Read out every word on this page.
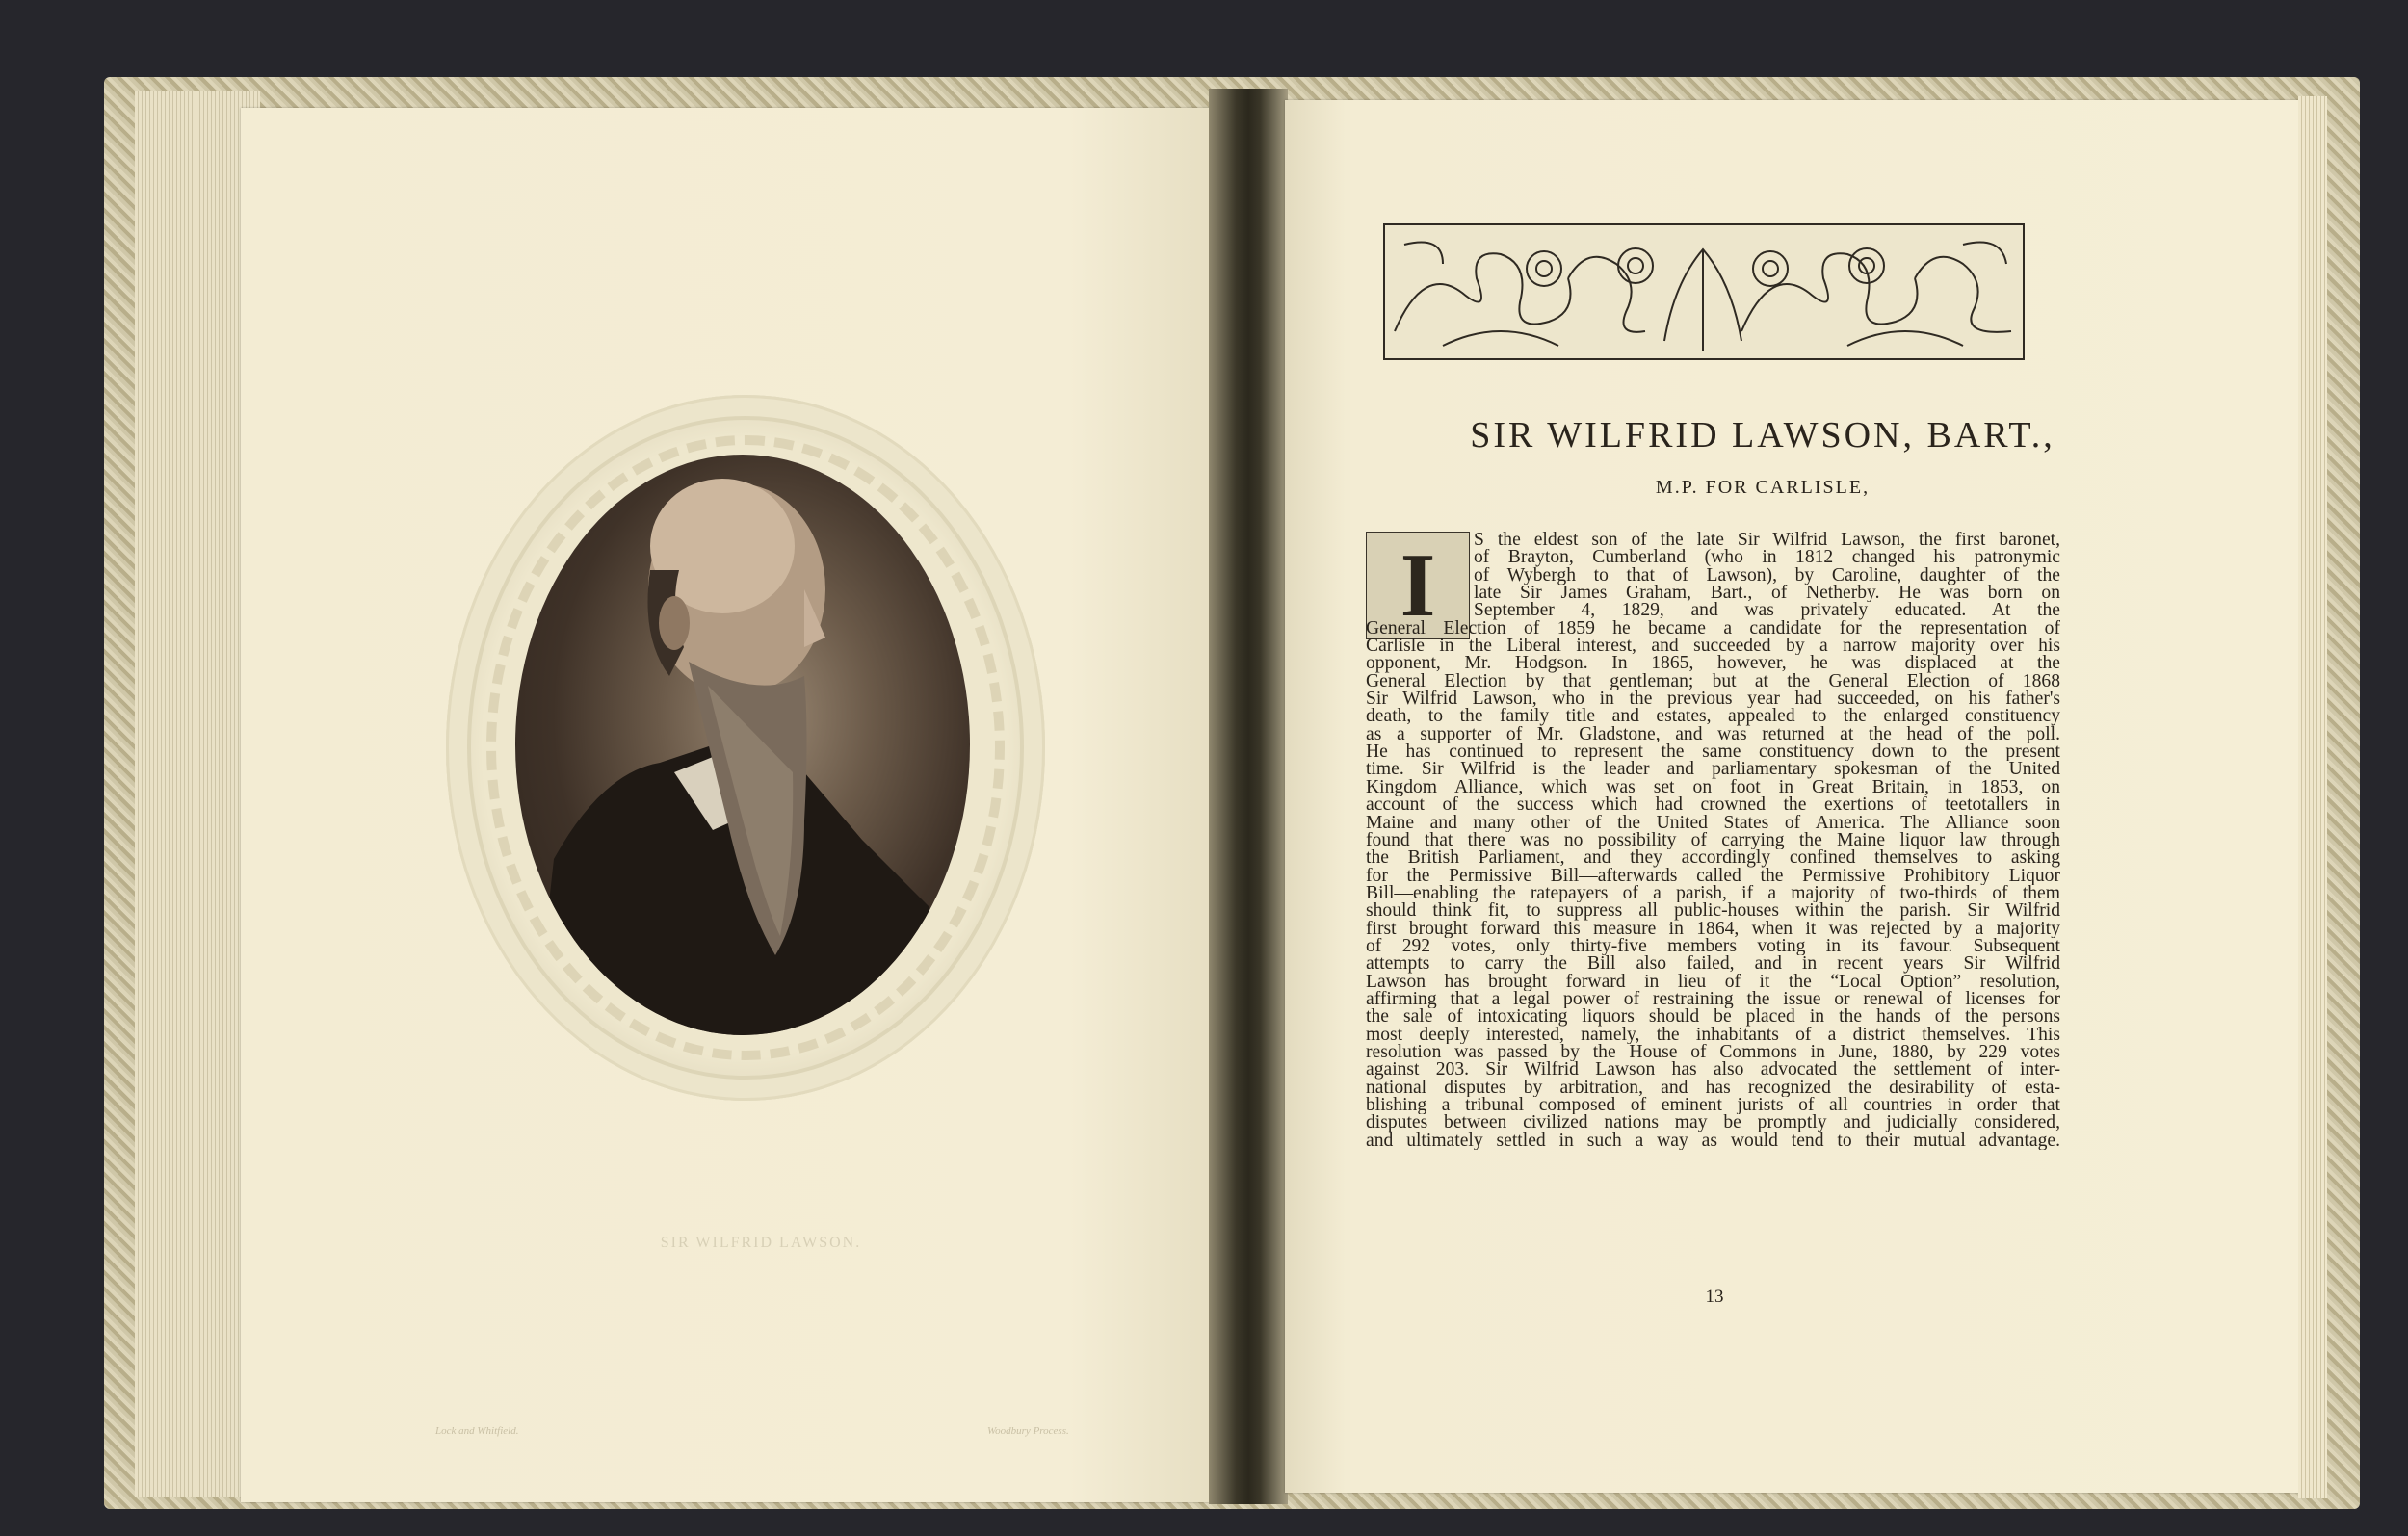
SIR WILFRID LAWSON.
Lock and Whitfield.	Woodbury Process.
SIR WILFRID LAWSON, BART.,
M.P. FOR CARLISLE,
I S the eldest son of the late Sir Wilfrid Lawson, the first baronet,
of Brayton, Cumberland (who in 1812 changed his patronymic
of Wybergh to that of Lawson), by Caroline, daughter of the
late Sir James Graham, Bart., of Netherby. He was born on
September 4, 1829, and was privately educated. At the
General Election of 1859 he became a candidate for the representation of
Carlisle in the Liberal interest, and succeeded by a narrow majority over his
opponent, Mr. Hodgson. In 1865, however, he was displaced at the
General Election by that gentleman; but at the General Election of 1868
Sir Wilfrid Lawson, who in the previous year had succeeded, on his father's
death, to the family title and estates, appealed to the enlarged constituency
as a supporter of Mr. Gladstone, and was returned at the head of the poll.
He has continued to represent the same constituency down to the present
time. Sir Wilfrid is the leader and parliamentary spokesman of the United
Kingdom Alliance, which was set on foot in Great Britain, in 1853, on
account of the success which had crowned the exertions of teetotallers in
Maine and many other of the United States of America. The Alliance soon
found that there was no possibility of carrying the Maine liquor law through
the British Parliament, and they accordingly confined themselves to asking
for the Permissive Bill—afterwards called the Permissive Prohibitory Liquor
Bill—enabling the ratepayers of a parish, if a majority of two-thirds of them
should think fit, to suppress all public-houses within the parish. Sir Wilfrid
first brought forward this measure in 1864, when it was rejected by a majority
of 292 votes, only thirty-five members voting in its favour. Subsequent
attempts to carry the Bill also failed, and in recent years Sir Wilfrid
Lawson has brought forward in lieu of it the “Local Option” resolution,
affirming that a legal power of restraining the issue or renewal of licenses for
the sale of intoxicating liquors should be placed in the hands of the persons
most deeply interested, namely, the inhabitants of a district themselves. This
resolution was passed by the House of Commons in June, 1880, by 229 votes
against 203. Sir Wilfrid Lawson has also advocated the settlement of inter-
national disputes by arbitration, and has recognized the desirability of esta-
blishing a tribunal composed of eminent jurists of all countries in order that
disputes between civilized nations may be promptly and judicially considered,
and ultimately settled in such a way as would tend to their mutual advantage.
13
